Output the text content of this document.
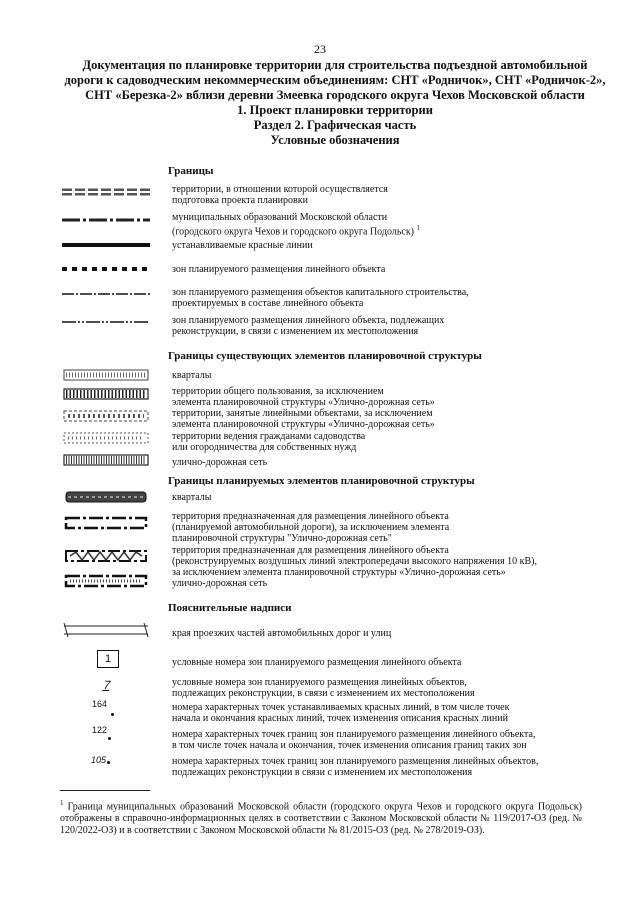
23
Документация по планировке территории для строительства подъездной автомобильной
дороги к садоводческим некоммерческим объединениям: СНТ «Родничок», СНТ «Родничок-2»,
СНТ «Березка-2» вблизи деревни Змеевка городского округа Чехов Московской области
1. Проект планировки территории
Раздел 2. Графическая часть
Условные обозначения
Границы
территории, в отношении которой осуществляется
подготовка проекта планировки
муниципальных образований Московской области
(городского округа Чехов и городского округа Подольск) $^1$
устанавливаемые красные линии
зон планируемого размещения линейного объекта
зон планируемого размещения объектов капитального строительства,
проектируемых в составе линейного объекта
зон планируемого размещения линейного объекта, подлежащих
реконструкции, в связи с изменением их местоположения
Границы существующих элементов планировочной структуры
кварталы
территории общего пользования, за исключением
элемента планировочной структуры «Улично-дорожная сеть»
территории, занятые линейными объектами, за исключением
элемента планировочной структуры «Улично-дорожная сеть»
территории ведения гражданами садоводства
или огородничества для собственных нужд
улично-дорожная сеть
Границы планируемых элементов планировочной структуры
кварталы
территория предназначенная для размещения линейного объекта
(планируемой автомобильной дороги), за исключением элемента
планировочной структуры "Улично-дорожная сеть"
территория предназначенная для размещения линейного объекта
(реконструируемых воздушных линий электропередачи высокого напряжения 10 кВ),
за исключением элемента планировочной структуры «Улично-дорожная сеть»
улично-дорожная сеть
Пояснительные надписи
края проезжих частей автомобильных дорог и улиц
1	условные номера зон планируемого размещения линейного объекта
7	условные номера зон планируемого размещения линейных объектов,
подлежащих реконструкции, в связи с изменением их местоположения
164	номера характерных точек устанавливаемых красных линий, в том числе точек
начала и окончания красных линий, точек изменения описания красных линий
122	номера характерных точек границ зон планируемого размещения линейного объекта,
в том числе точек начала и окончания, точек изменения описания границ таких зон
105	номера характерных точек границ зон планируемого размещения линейных объектов,
подлежащих реконструкции в связи с изменением их местоположения
$^1$ Граница муниципальных образований Московской области (городского округа Чехов и городского округа Подольск) отображены в справочно-информационных целях в соответствии с Законом Московской области № 119/2017-ОЗ (ред. № 120/2022-ОЗ) и в соответствии с Законом Московской области № 81/2015-ОЗ (ред. № 278/2019-ОЗ).
